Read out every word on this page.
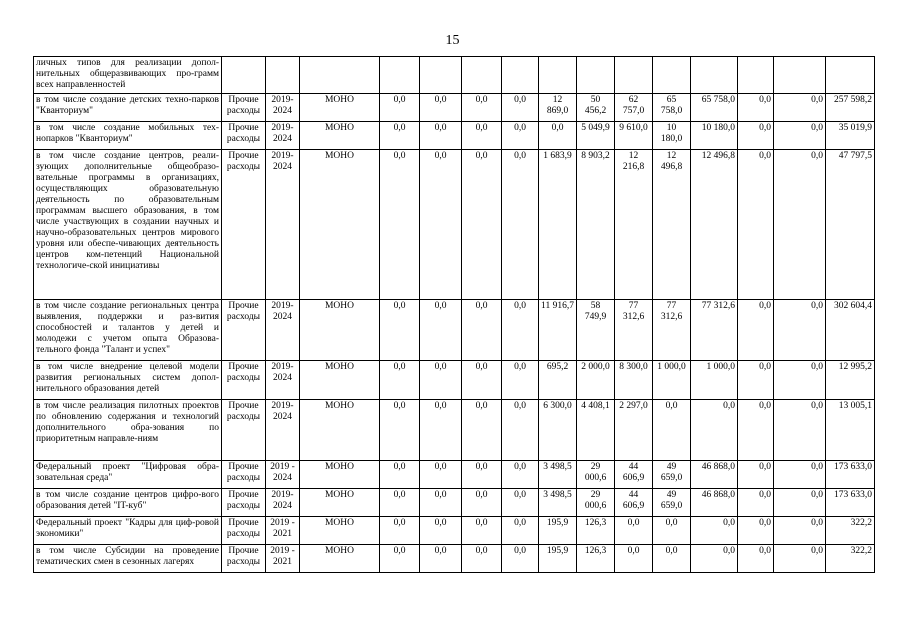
15
личных типов для реализации допол-нительных общеразвивающих про-грамм всех направленностей															
в том числе создание детских техно-парков "Кванториум"	Прочие расходы	2019-2024	МОНО	0,0	0,0	0,0	0,0	12 869,0	50 456,2	62 757,0	65 758,0	65 758,0	0,0	0,0	257 598,2
в том числе создание мобильных тех-нопарков "Кванториум"	Прочие расходы	2019-2024	МОНО	0,0	0,0	0,0	0,0	0,0	5 049,9	9 610,0	10 180,0	10 180,0	0,0	0,0	35 019,9
в том числе создание центров, реали-зующих дополнительные общеобразо-вательные программы в организациях, осуществляющих образовательную деятельность по образовательным программам высшего образования, в том числе участвующих в создании научных и научно-образовательных центров мирового уровня или обеспе-чивающих деятельность центров ком-петенций Национальной технологиче-ской инициативы	Прочие расходы	2019-2024	МОНО	0,0	0,0	0,0	0,0	1 683,9	8 903,2	12 216,8	12 496,8	12 496,8	0,0	0,0	47 797,5
в том числе создание региональных центра выявления, поддержки и раз-вития способностей и талантов у детей и молодежи с учетом опыта Образова-тельного фонда "Талант и успех"	Прочие расходы	2019-2024	МОНО	0,0	0,0	0,0	0,0	11 916,7	58 749,9	77 312,6	77 312,6	77 312,6	0,0	0,0	302 604,4
в том числе внедрение целевой модели развития региональных систем допол-нительного образования детей	Прочие расходы	2019-2024	МОНО	0,0	0,0	0,0	0,0	695,2	2 000,0	8 300,0	1 000,0	1 000,0	0,0	0,0	12 995,2
в том числе реализация пилотных проектов по обновлению содержания и технологий дополнительного обра-зования по приоритетным направле-ниям	Прочие расходы	2019-2024	МОНО	0,0	0,0	0,0	0,0	6 300,0	4 408,1	2 297,0	0,0	0,0	0,0	0,0	13 005,1
Федеральный проект "Цифровая обра-зовательная среда"	Прочие расходы	2019 - 2024	МОНО	0,0	0,0	0,0	0,0	3 498,5	29 000,6	44 606,9	49 659,0	46 868,0	0,0	0,0	173 633,0
в том числе создание центров цифро-вого образования детей "IT-куб"	Прочие расходы	2019-2024	МОНО	0,0	0,0	0,0	0,0	3 498,5	29 000,6	44 606,9	49 659,0	46 868,0	0,0	0,0	173 633,0
Федеральный проект "Кадры для циф-ровой экономики"	Прочие расходы	2019 - 2021	МОНО	0,0	0,0	0,0	0,0	195,9	126,3	0,0	0,0	0,0	0,0	0,0	322,2
в том числе Субсидии на проведение тематических смен в сезонных лагерях	Прочие расходы	2019 - 2021	МОНО	0,0	0,0	0,0	0,0	195,9	126,3	0,0	0,0	0,0	0,0	0,0	322,2
